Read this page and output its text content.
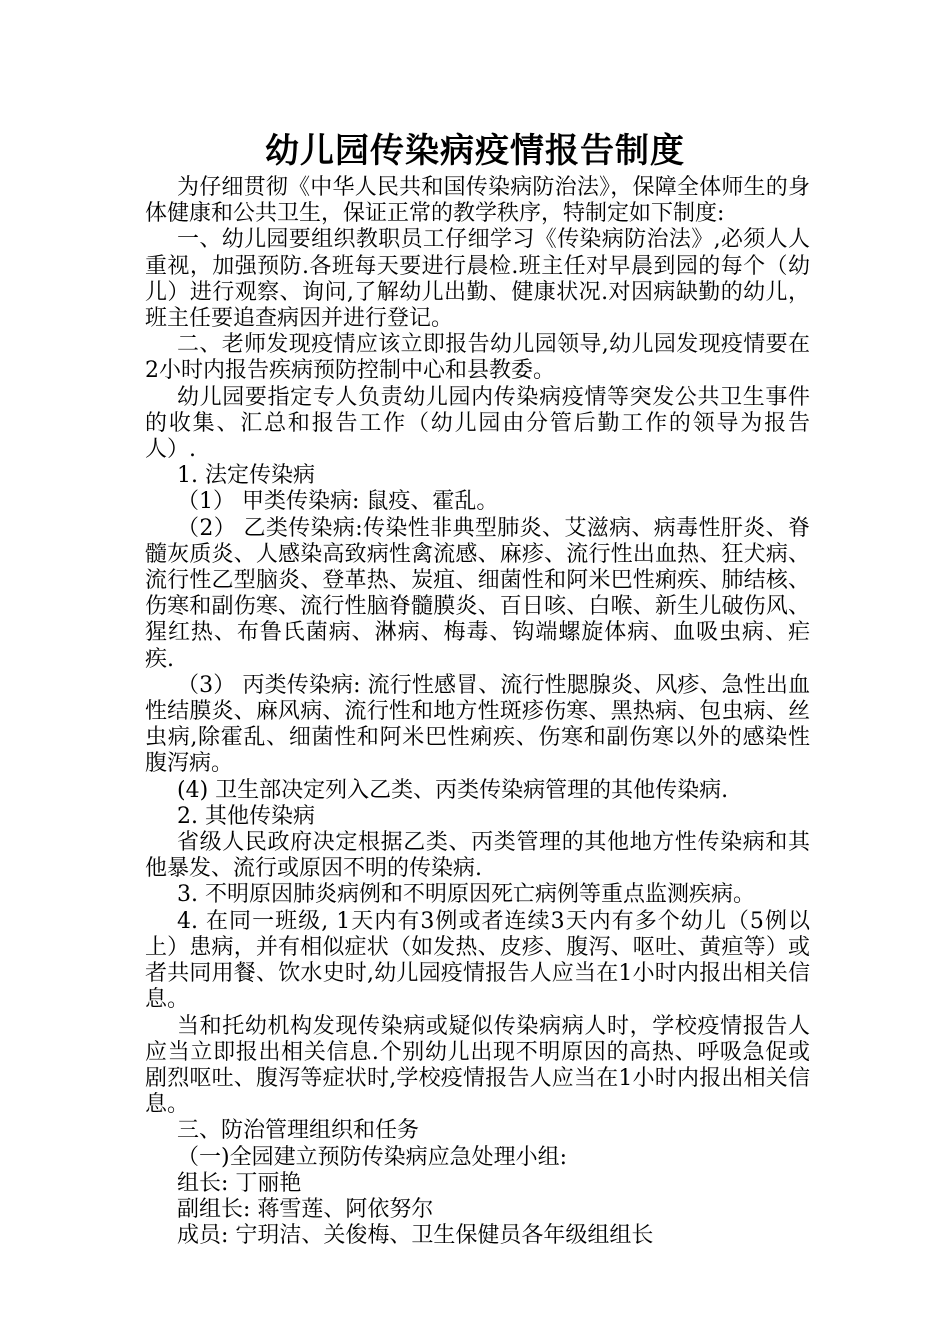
幼儿园传染病疫情报告制度

为仔细贯彻《中华人民共和国传染病防治法》，保障全体师生的身体健康和公共卫生，保证正常的教学秩序，特制定如下制度:

一、幼儿园要组织教职员工仔细学习《传染病防治法》,必须人人重视，加强预防.各班每天要进行晨检.班主任对早晨到园的每个（幼儿）进行观察、询问,了解幼儿出勤、健康状况.对因病缺勤的幼儿，班主任要追查病因并进行登记。

二、老师发现疫情应该立即报告幼儿园领导,幼儿园发现疫情要在2小时内报告疾病预防控制中心和县教委。

幼儿园要指定专人负责幼儿园内传染病疫情等突发公共卫生事件的收集、汇总和报告工作（幼儿园由分管后勤工作的领导为报告人）.

1. 法定传染病

（1） 甲类传染病: 鼠疫、霍乱。

（2） 乙类传染病:传染性非典型肺炎、艾滋病、病毒性肝炎、脊髓灰质炎、人感染高致病性禽流感、麻疹、流行性出血热、狂犬病、流行性乙型脑炎、登革热、炭疽、细菌性和阿米巴性痢疾、肺结核、伤寒和副伤寒、流行性脑脊髓膜炎、百日咳、白喉、新生儿破伤风、猩红热、布鲁氏菌病、淋病、梅毒、钩端螺旋体病、血吸虫病、疟疾.

（3） 丙类传染病: 流行性感冒、流行性腮腺炎、风疹、急性出血性结膜炎、麻风病、流行性和地方性斑疹伤寒、黑热病、包虫病、丝虫病,除霍乱、细菌性和阿米巴性痢疾、伤寒和副伤寒以外的感染性腹泻病。

(4) 卫生部决定列入乙类、丙类传染病管理的其他传染病.

2. 其他传染病

省级人民政府决定根据乙类、丙类管理的其他地方性传染病和其他暴发、流行或原因不明的传染病.

3. 不明原因肺炎病例和不明原因死亡病例等重点监测疾病。

4. 在同一班级, 1天内有3例或者连续3天内有多个幼儿（5例以上）患病，并有相似症状（如发热、皮疹、腹泻、呕吐、黄疸等）或者共同用餐、饮水史时,幼儿园疫情报告人应当在1小时内报出相关信息。

当和托幼机构发现传染病或疑似传染病病人时，学校疫情报告人应当立即报出相关信息.个别幼儿出现不明原因的高热、呼吸急促或剧烈呕吐、腹泻等症状时,学校疫情报告人应当在1小时内报出相关信息。

三、防治管理组织和任务

（一)全园建立预防传染病应急处理小组:

组长: 丁丽艳

副组长: 蒋雪莲、阿依努尔

成员: 宁玥洁、关俊梅、卫生保健员各年级组组长
